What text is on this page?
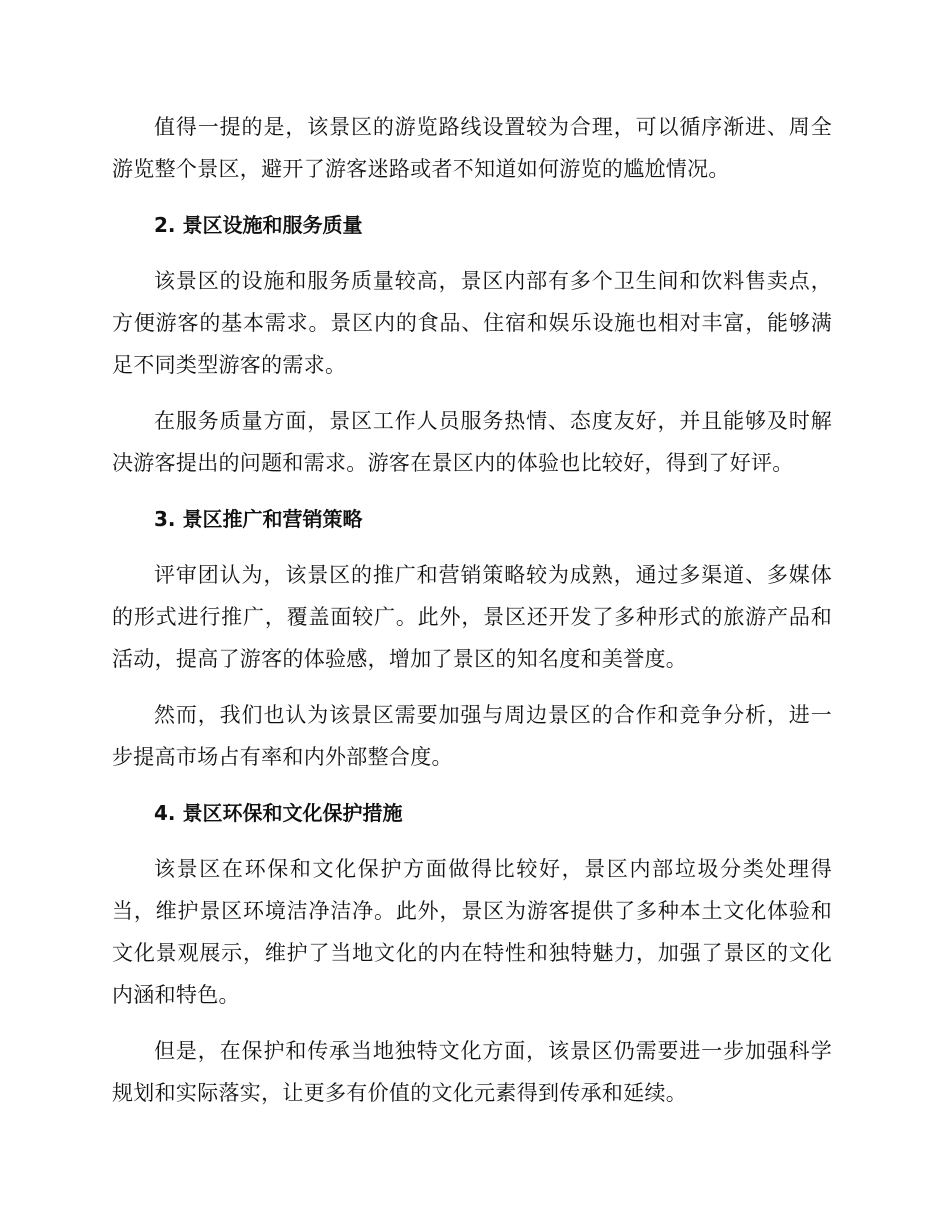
值得一提的是，该景区的游览路线设置较为合理，可以循序渐进、周全游览整个景区，避开了游客迷路或者不知道如何游览的尴尬情况。

2. 景区设施和服务质量

该景区的设施和服务质量较高，景区内部有多个卫生间和饮料售卖点，方便游客的基本需求。景区内的食品、住宿和娱乐设施也相对丰富，能够满足不同类型游客的需求。

在服务质量方面，景区工作人员服务热情、态度友好，并且能够及时解决游客提出的问题和需求。游客在景区内的体验也比较好，得到了好评。

3. 景区推广和营销策略

评审团认为，该景区的推广和营销策略较为成熟，通过多渠道、多媒体的形式进行推广，覆盖面较广。此外，景区还开发了多种形式的旅游产品和活动，提高了游客的体验感，增加了景区的知名度和美誉度。

然而，我们也认为该景区需要加强与周边景区的合作和竞争分析，进一步提高市场占有率和内外部整合度。

4. 景区环保和文化保护措施

该景区在环保和文化保护方面做得比较好，景区内部垃圾分类处理得当，维护景区环境洁净洁净。此外，景区为游客提供了多种本土文化体验和文化景观展示，维护了当地文化的内在特性和独特魅力，加强了景区的文化内涵和特色。

但是，在保护和传承当地独特文化方面，该景区仍需要进一步加强科学规划和实际落实，让更多有价值的文化元素得到传承和延续。
